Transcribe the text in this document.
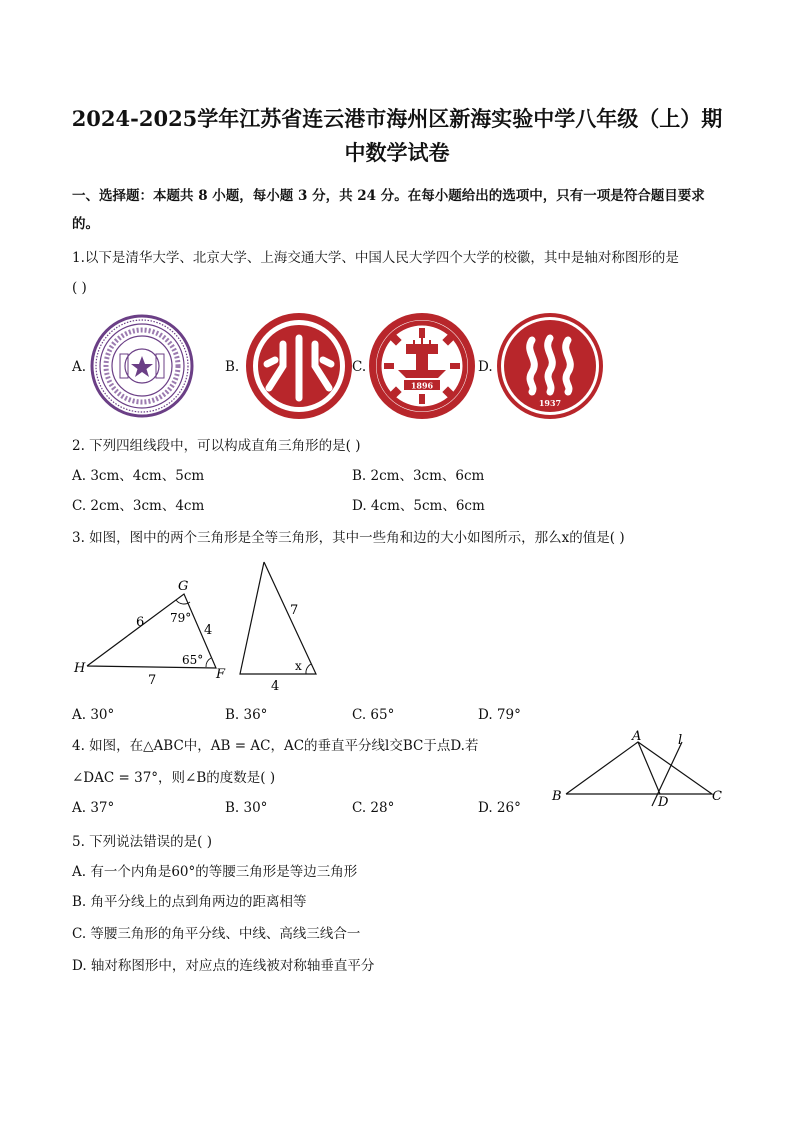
2024-2025学年江苏省连云港市海州区新海实验中学八年级（上）期
中数学试卷
一、选择题：本题共 8 小题，每小题 3 分，共 24 分。在每小题给出的选项中，只有一项是符合题目要求
的。
1.以下是清华大学、北京大学、上海交通大学、中国人民大学四个大学的校徽，其中是轴对称图形的是
( )
A.	B.	C.	D.
1896
1937
2. 下列四组线段中，可以构成直角三角形的是( )
A. 3cm、4cm、5cm	B. 2cm、3cm、6cm
C. 2cm、3cm、4cm	D. 4cm、5cm、6cm
3. 如图，图中的两个三角形是全等三角形，其中一些角和边的大小如图所示，那么x的值是( )
H
G
F
6
4
7
79°
65°
7
4
x
A. 30°	B. 36°	C. 65°	D. 79°
4. 如图，在△ABC中，AB = AC，AC的垂直平分线l交BC于点D.若
∠DAC = 37°，则∠B的度数是( )
A
B	C
D
l
A. 37°	B. 30°	C. 28°	D. 26°
5. 下列说法错误的是( )
A. 有一个内角是60°的等腰三角形是等边三角形
B. 角平分线上的点到角两边的距离相等
C. 等腰三角形的角平分线、中线、高线三线合一
D. 轴对称图形中，对应点的连线被对称轴垂直平分
